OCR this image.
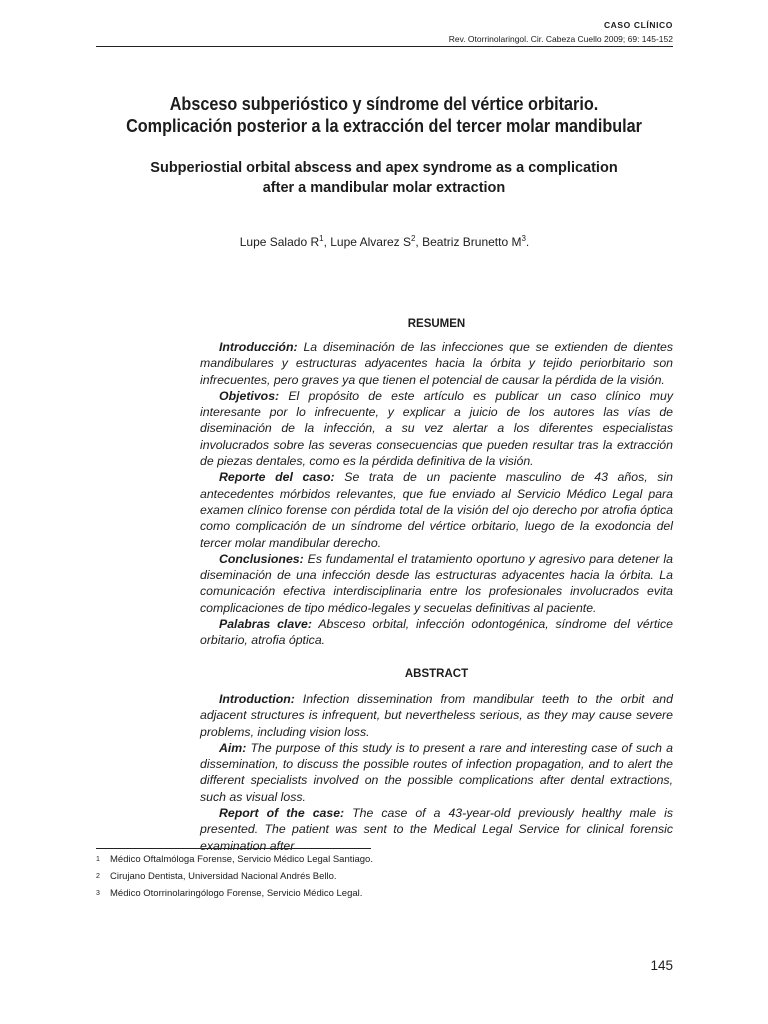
CASO CLÍNICO
Rev. Otorrinolaringol. Cir. Cabeza Cuello 2009; 69: 145-152
Absceso subperióstico y síndrome del vértice orbitario.
Complicación posterior a la extracción del tercer molar mandibular
Subperiostial orbital abscess and apex syndrome as a complication
after a mandibular molar extraction
Lupe Salado $R^1$, Lupe Alvarez $S^2$, Beatriz Brunetto $M^3$.
RESUMEN

Introducción: La diseminación de las infecciones que se extienden de dientes mandibulares y estructuras adyacentes hacia la órbita y tejido periorbitario son infrecuentes, pero graves ya que tienen el potencial de causar la pérdida de la visión.

Objetivos: El propósito de este artículo es publicar un caso clínico muy interesante por lo infrecuente, y explicar a juicio de los autores las vías de diseminación de la infección, a su vez alertar a los diferentes especialistas involucrados sobre las severas consecuencias que pueden resultar tras la extracción de piezas dentales, como es la pérdida definitiva de la visión.

Reporte del caso: Se trata de un paciente masculino de 43 años, sin antecedentes mórbidos relevantes, que fue enviado al Servicio Médico Legal para examen clínico forense con pérdida total de la visión del ojo derecho por atrofia óptica como complicación de un síndrome del vértice orbitario, luego de la exodoncia del tercer molar mandibular derecho.

Conclusiones: Es fundamental el tratamiento oportuno y agresivo para detener la diseminación de una infección desde las estructuras adyacentes hacia la órbita. La comunicación efectiva interdisciplinaria entre los profesionales involucrados evita complicaciones de tipo médico-legales y secuelas definitivas al paciente.

Palabras clave: Absceso orbital, infección odontogénica, síndrome del vértice orbitario, atrofia óptica.

ABSTRACT

Introduction: Infection dissemination from mandibular teeth to the orbit and adjacent structures is infrequent, but nevertheless serious, as they may cause severe problems, including vision loss.

Aim: The purpose of this study is to present a rare and interesting case of such a dissemination, to discuss the possible routes of infection propagation, and to alert the different specialists involved on the possible complications after dental extractions, such as visual loss.

Report of the case: The case of a 43-year-old previously healthy male is presented. The patient was sent to the Medical Legal Service for clinical forensic examination after

1 Médico Oftalmóloga Forense, Servicio Médico Legal Santiago.
2 Cirujano Dentista, Universidad Nacional Andrés Bello.
3 Médico Otorrinolaringólogo Forense, Servicio Médico Legal.
145
